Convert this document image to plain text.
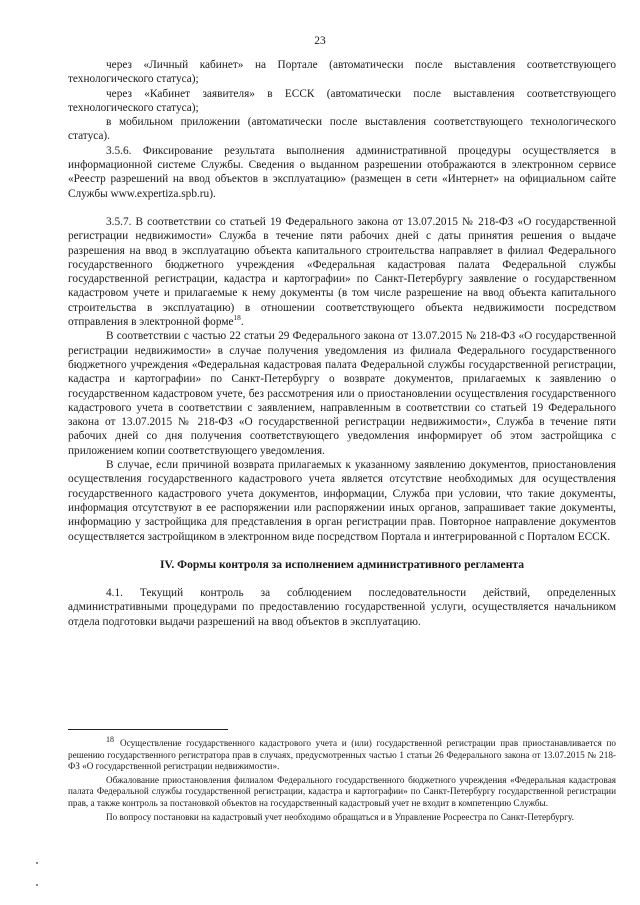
23

через «Личный кабинет» на Портале (автоматически после выставления соответствующего технологического статуса);

через «Кабинет заявителя» в ЕССК (автоматически после выставления соответствующего технологического статуса);

в мобильном приложении (автоматически после выставления соответствующего технологического статуса).

3.5.6. Фиксирование результата выполнения административной процедуры осуществляется в информационной системе Службы. Сведения о выданном разрешении отображаются в электронном сервисе «Реестр разрешений на ввод объектов в эксплуатацию» (размещен в сети «Интернет» на официальном сайте Службы www.expertiza.spb.ru).

3.5.7. В соответствии со статьей 19 Федерального закона от 13.07.2015 № 218-ФЗ «О государственной регистрации недвижимости» Служба в течение пяти рабочих дней с даты принятия решения о выдаче разрешения на ввод в эксплуатацию объекта капитального строительства направляет в филиал Федерального государственного бюджетного учреждения «Федеральная кадастровая палата Федеральной службы государственной регистрации, кадастра и картографии» по Санкт-Петербургу заявление о государственном кадастровом учете и прилагаемые к нему документы (в том числе разрешение на ввод объекта капитального строительства в эксплуатацию) в отношении соответствующего объекта недвижимости посредством отправления в электронной форме$^{18}$.

В соответствии с частью 22 статьи 29 Федерального закона от 13.07.2015 № 218-ФЗ «О государственной регистрации недвижимости» в случае получения уведомления из филиала Федерального государственного бюджетного учреждения «Федеральная кадастровая палата Федеральной службы государственной регистрации, кадастра и картографии» по Санкт-Петербургу о возврате документов, прилагаемых к заявлению о государственном кадастровом учете, без рассмотрения или о приостановлении осуществления государственного кадастрового учета в соответствии с заявлением, направленным в соответствии со статьей 19 Федерального закона от 13.07.2015 № 218-ФЗ «О государственной регистрации недвижимости», Служба в течение пяти рабочих дней со дня получения соответствующего уведомления информирует об этом застройщика с приложением копии соответствующего уведомления.

В случае, если причиной возврата прилагаемых к указанному заявлению документов, приостановления осуществления государственного кадастрового учета является отсутствие необходимых для осуществления государственного кадастрового учета документов, информации, Служба при условии, что такие документы, информация отсутствуют в ее распоряжении или распоряжении иных органов, запрашивает такие документы, информацию у застройщика для представления в орган регистрации прав. Повторное направление документов осуществляется застройщиком в электронном виде посредством Портала и интегрированной с Порталом ЕССК.

IV. Формы контроля за исполнением административного регламента

4.1. Текущий контроль за соблюдением последовательности действий, определенных административными процедурами по предоставлению государственной услуги, осуществляется начальником отдела подготовки выдачи разрешений на ввод объектов в эксплуатацию.

18 Осуществление государственного кадастрового учета и (или) государственной регистрации прав приостанавливается по решению государственного регистратора прав в случаях, предусмотренных частью 1 статьи 26 Федерального закона от 13.07.2015 № 218-ФЗ «О государственной регистрации недвижимости».

Обжалование приостановления филиалом Федерального государственного бюджетного учреждения «Федеральная кадастровая палата Федеральной службы государственной регистрации, кадастра и картографии» по Санкт-Петербургу государственной регистрации прав, а также контроль за постановкой объектов на государственный кадастровый учет не входит в компетенцию Службы.

По вопросу постановки на кадастровый учет необходимо обращаться и в Управление Росреестра по Санкт-Петербургу.
